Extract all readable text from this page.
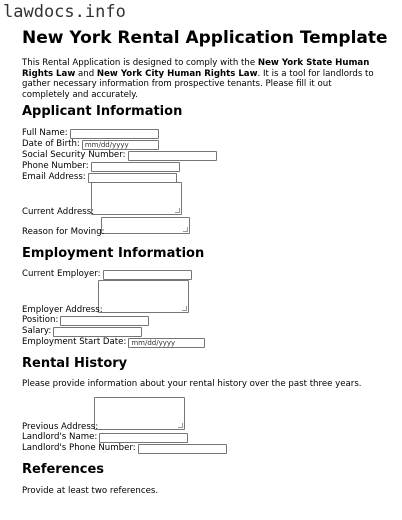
lawdocs.info
New York Rental Application Template

This Rental Application is designed to comply with the New York State Human Rights Law and New York City Human Rights Law. It is a tool for landlords to gather necessary information from prospective tenants. Please fill it out completely and accurately.

Applicant Information
Full Name:
Date of Birth: mm/dd/yyyy
Social Security Number:
Phone Number:
Email Address:
Current Address:
Reason for Moving:
Employment Information
Current Employer:
Employer Address:
Position:
Salary:
Employment Start Date: mm/dd/yyyy
Rental History

Please provide information about your rental history over the past three years.

Previous Address:
Landlord's Name:
Landlord's Phone Number:
References

Provide at least two references.
